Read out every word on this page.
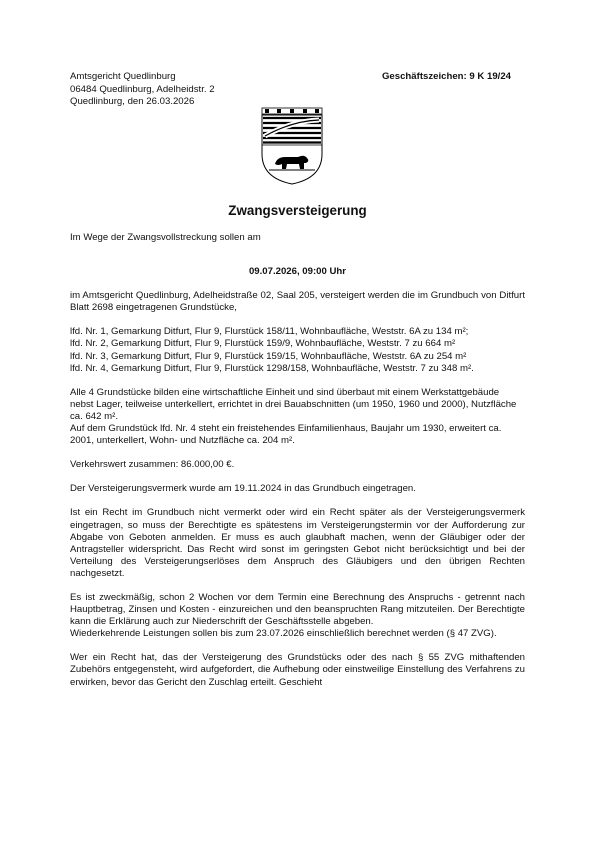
Amtsgericht Quedlinburg
06484 Quedlinburg, Adelheidstr. 2
Quedlinburg, den 26.03.2026
Geschäftszeichen: 9 K 19/24
Zwangsversteigerung

Im Wege der Zwangsvollstreckung sollen am

09.07.2026, 09:00 Uhr

im Amtsgericht Quedlinburg, Adelheidstraße 02, Saal 205, versteigert werden die im Grundbuch von Ditfurt Blatt 2698 eingetragenen Grundstücke,

lfd. Nr. 1, Gemarkung Ditfurt, Flur 9, Flurstück 158/11, Wohnbaufläche, Weststr. 6A zu 134 m²;
lfd. Nr. 2, Gemarkung Ditfurt, Flur 9, Flurstück 159/9, Wohnbaufläche, Weststr. 7 zu 664 m²
lfd. Nr. 3, Gemarkung Ditfurt, Flur 9, Flurstück 159/15, Wohnbaufläche, Weststr. 6A zu 254 m²
lfd. Nr. 4, Gemarkung Ditfurt, Flur 9, Flurstück 1298/158, Wohnbaufläche, Weststr. 7 zu 348 m².

Alle 4 Grundstücke bilden eine wirtschaftliche Einheit und sind überbaut mit einem Werkstattgebäude nebst Lager, teilweise unterkellert, errichtet in drei Bauabschnitten (um 1950, 1960 und 2000), Nutzfläche ca. 642 m².

Auf dem Grundstück lfd. Nr. 4 steht ein freistehendes Einfamilienhaus, Baujahr um 1930, erweitert ca. 2001, unterkellert, Wohn- und Nutzfläche ca. 204 m².

Verkehrswert zusammen: 86.000,00 €.

Der Versteigerungsvermerk wurde am 19.11.2024 in das Grundbuch eingetragen.

Ist ein Recht im Grundbuch nicht vermerkt oder wird ein Recht später als der Versteigerungsvermerk eingetragen, so muss der Berechtigte es spätestens im Versteigerungstermin vor der Aufforderung zur Abgabe von Geboten anmelden. Er muss es auch glaubhaft machen, wenn der Gläubiger oder der Antragsteller widerspricht. Das Recht wird sonst im geringsten Gebot nicht berücksichtigt und bei der Verteilung des Versteigerungserlöses dem Anspruch des Gläubigers und den übrigen Rechten nachgesetzt.

Es ist zweckmäßig, schon 2 Wochen vor dem Termin eine Berechnung des Anspruchs - getrennt nach Hauptbetrag, Zinsen und Kosten - einzureichen und den beanspruchten Rang mitzuteilen. Der Berechtigte kann die Erklärung auch zur Niederschrift der Geschäftsstelle abgeben.

Wiederkehrende Leistungen sollen bis zum 23.07.2026 einschließlich berechnet werden (§ 47 ZVG).

Wer ein Recht hat, das der Versteigerung des Grundstücks oder des nach § 55 ZVG mithaftenden Zubehörs entgegensteht, wird aufgefordert, die Aufhebung oder einstweilige Einstellung des Verfahrens zu erwirken, bevor das Gericht den Zuschlag erteilt. Geschieht
